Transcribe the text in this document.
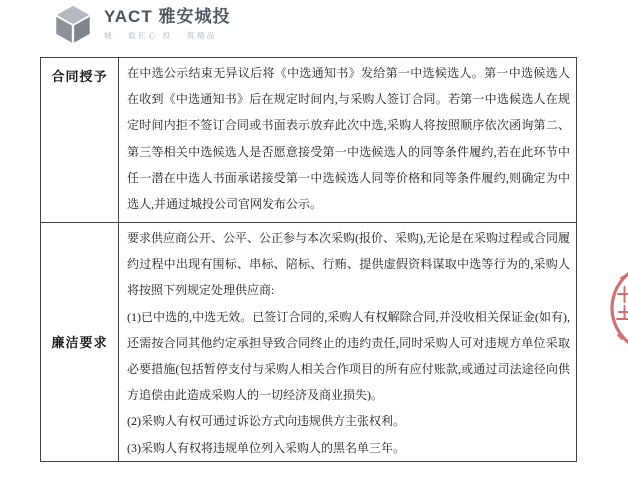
YACT 雅安城投
城 · 载匠心 投 · 筑精品
合同授予	在中选公示结束无异议后将《中选通知书》发给第一中选候选人。第一中选候选人在收到《中选通知书》后在规定时间内,与采购人签订合同。若第一中选候选人在规定时间内拒不签订合同或书面表示放弃此次中选,采购人将按照顺序依次函询第二、第三等相关中选候选人是否愿意接受第一中选候选人的同等条件履约,若在此环节中任一潜在中选人书面承诺接受第一中选候选人同等价格和同等条件履约,则确定为中选人,并通过城投公司官网发布公示。

廉洁要求	要求供应商公开、公平、公正参与本次采购(报价、采购),无论是在采购过程或合同履约过程中出现有围标、串标、陪标、行贿、提供虚假资料谋取中选等行为的,采购人将按照下列规定处理供应商:

(1)已中选的,中选无效。已签订合同的,采购人有权解除合同,并没收相关保证金(如有),还需按合同其他约定承担导致合同终止的违约责任,同时采购人可对违规方单位采取必要措施(包括暂停支付与采购人相关合作项目的所有应付账款,或通过司法途径向供方追偿由此造成采购人的一切经济及商业损失)。

(2)采购人有权可通过诉讼方式向违规供方主张权利。

(3)采购人有权将违规单位列入采购人的黑名单三年。
